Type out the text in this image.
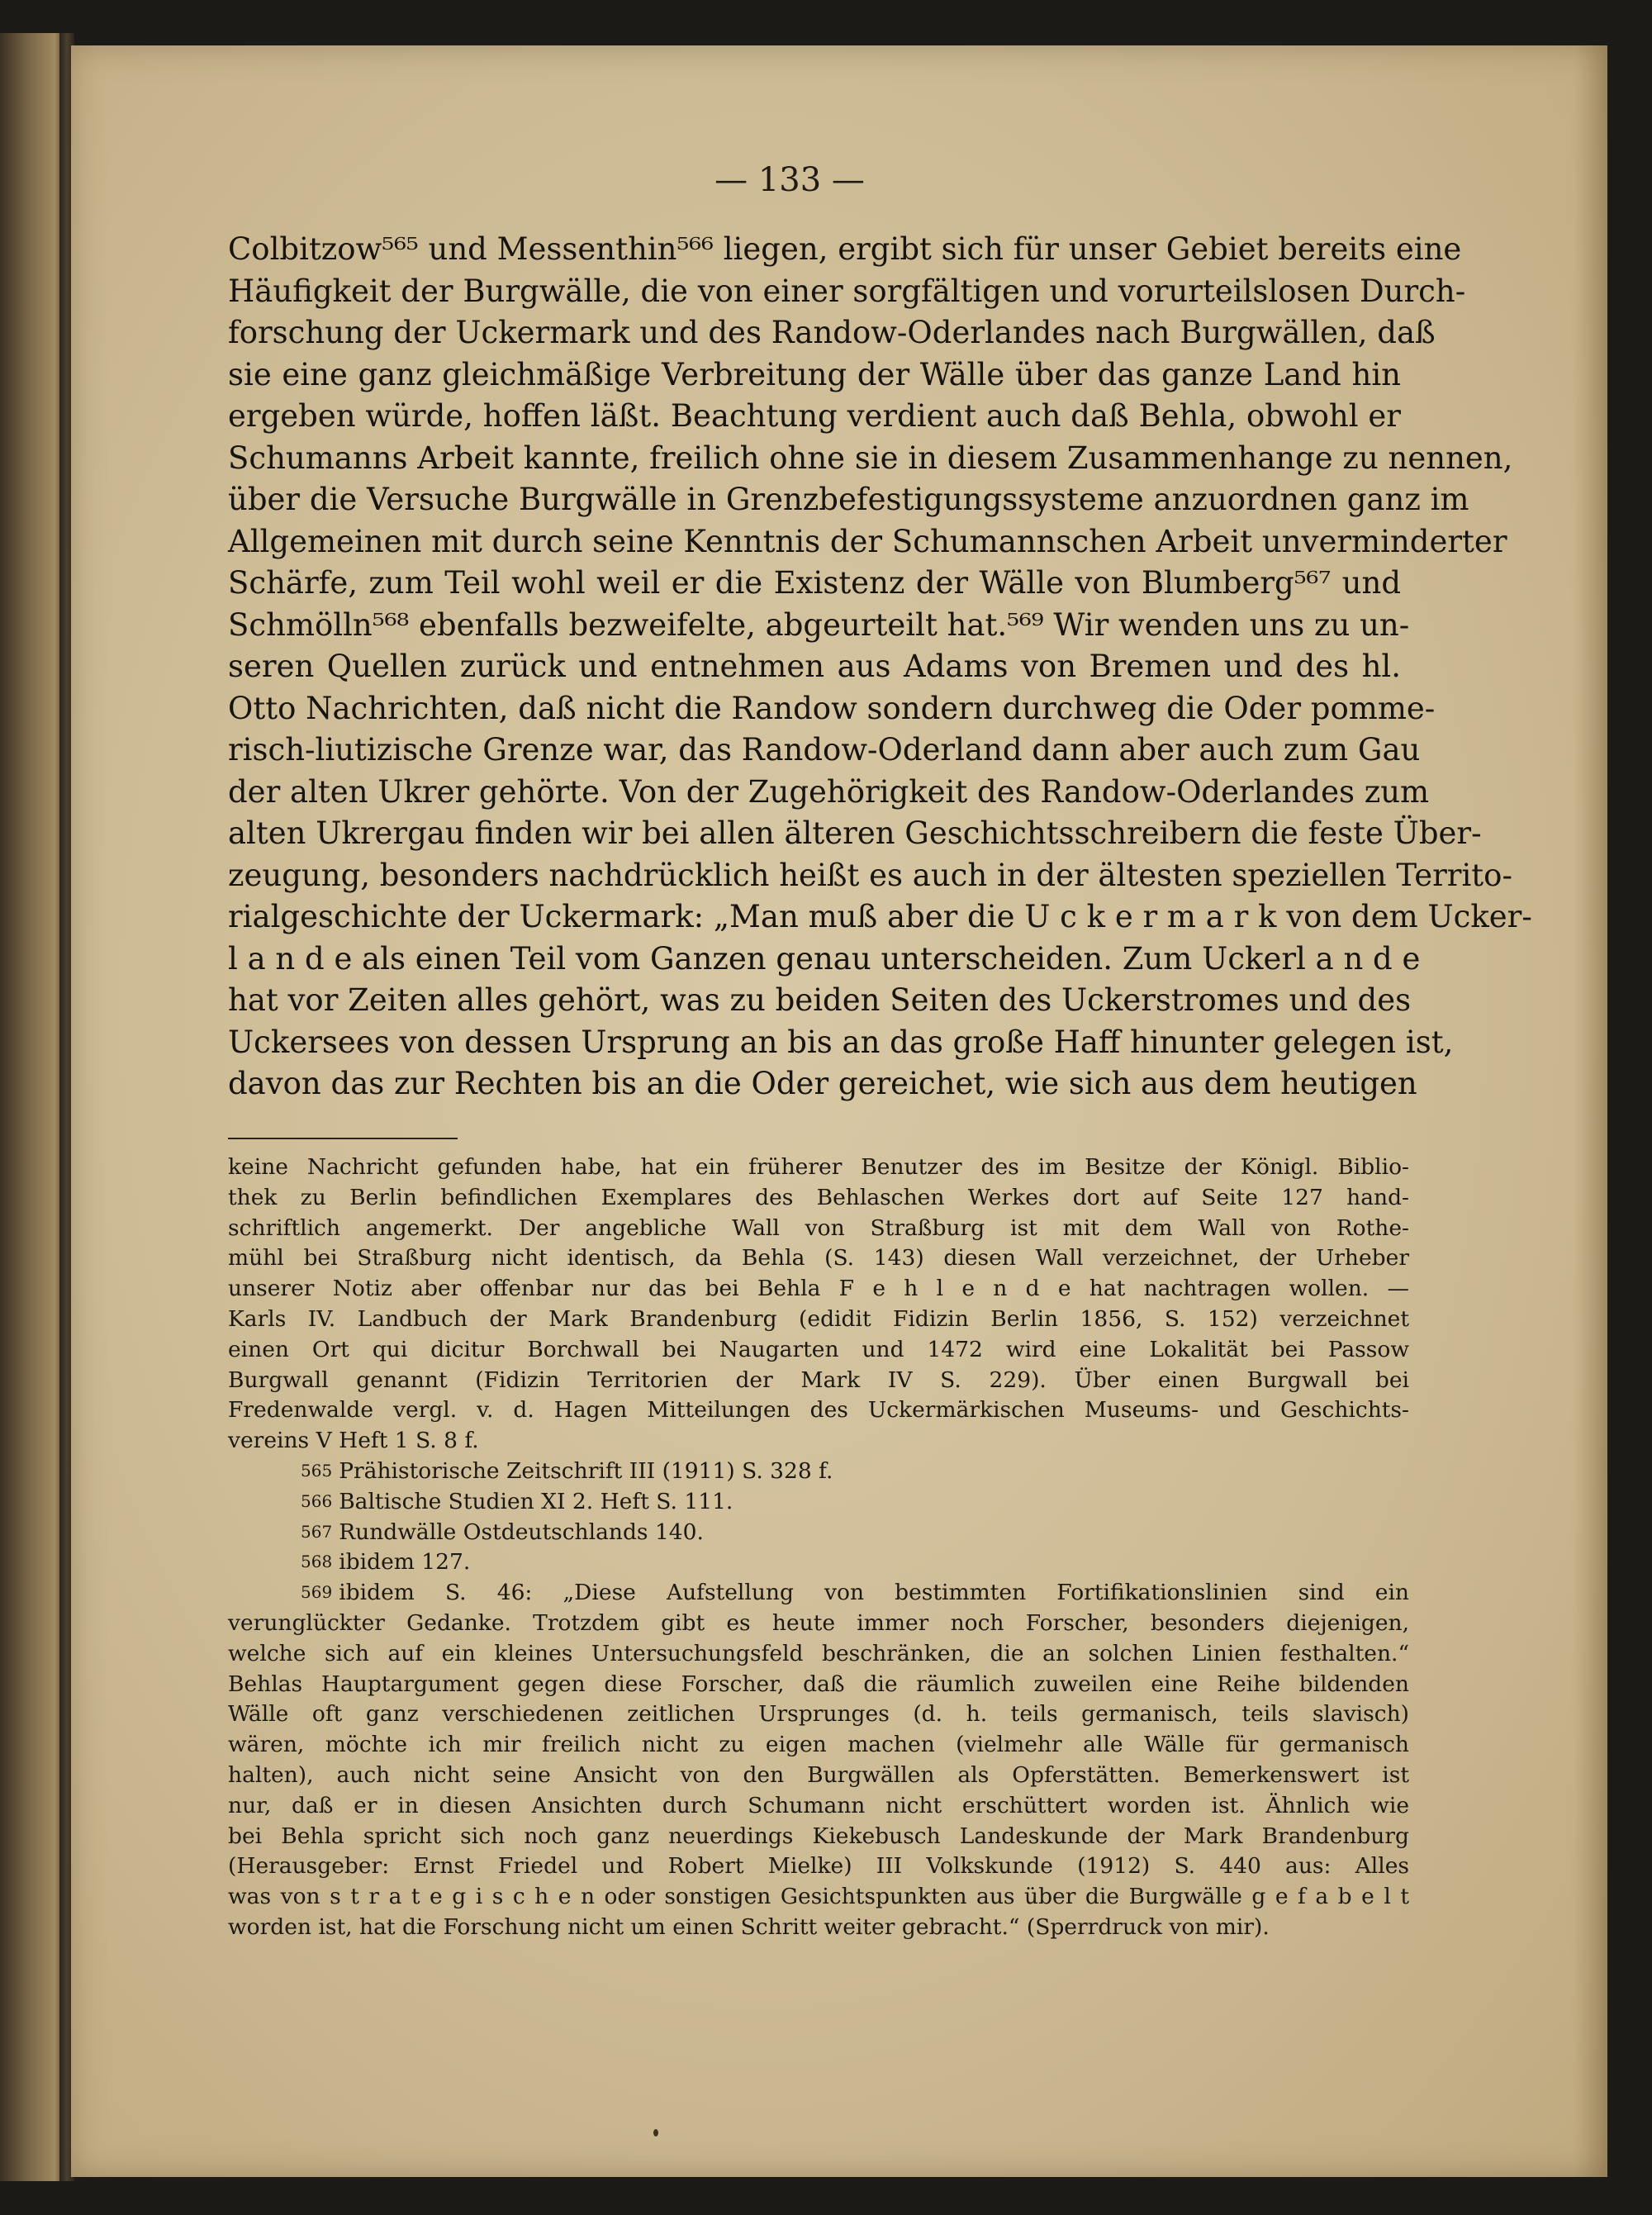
— 133 —
Colbitzow⁵⁶⁵ und Messenthin⁵⁶⁶ liegen, ergibt sich für unser Gebiet bereits eine
Häufigkeit der Burgwälle, die von einer sorgfältigen und vorurteilslosen Durch-
forschung der Uckermark und des Randow-Oderlandes nach Burgwällen, daß
sie eine ganz gleichmäßige Verbreitung der Wälle über das ganze Land hin
ergeben würde, hoffen läßt. Beachtung verdient auch daß Behla, obwohl er
Schumanns Arbeit kannte, freilich ohne sie in diesem Zusammenhange zu nennen,
über die Versuche Burgwälle in Grenzbefestigungssysteme anzuordnen ganz im
Allgemeinen mit durch seine Kenntnis der Schumannschen Arbeit unverminderter
Schärfe, zum Teil wohl weil er die Existenz der Wälle von Blumberg⁵⁶⁷ und
Schmölln⁵⁶⁸ ebenfalls bezweifelte, abgeurteilt hat.⁵⁶⁹ Wir wenden uns zu un-
seren Quellen zurück und entnehmen aus Adams von Bremen und des hl.
Otto Nachrichten, daß nicht die Randow sondern durchweg die Oder pomme-
risch-liutizische Grenze war, das Randow-Oderland dann aber auch zum Gau
der alten Ukrer gehörte. Von der Zugehörigkeit des Randow-Oderlandes zum
alten Ukrergau finden wir bei allen älteren Geschichtsschreibern die feste Über-
zeugung, besonders nachdrücklich heißt es auch in der ältesten speziellen Territo-
rialgeschichte der Uckermark: „Man muß aber die U c k e r m a r k von dem Ucker-
l a n d e als einen Teil vom Ganzen genau unterscheiden. Zum Uckerl a n d e
hat vor Zeiten alles gehört, was zu beiden Seiten des Uckerstromes und des
Uckersees von dessen Ursprung an bis an das große Haff hinunter gelegen ist,
davon das zur Rechten bis an die Oder gereichet, wie sich aus dem heutigen
keine Nachricht gefunden habe, hat ein früherer Benutzer des im Besitze der Königl. Biblio-
thek zu Berlin befindlichen Exemplares des Behlaschen Werkes dort auf Seite 127 hand-
schriftlich angemerkt. Der angebliche Wall von Straßburg ist mit dem Wall von Rothe-
mühl bei Straßburg nicht identisch, da Behla (S. 143) diesen Wall verzeichnet, der Urheber
unserer Notiz aber offenbar nur das bei Behla F e h l e n d e hat nachtragen wollen. —
Karls IV. Landbuch der Mark Brandenburg (edidit Fidizin Berlin 1856, S. 152) verzeichnet
einen Ort qui dicitur Borchwall bei Naugarten und 1472 wird eine Lokalität bei Passow
Burgwall genannt (Fidizin Territorien der Mark IV S. 229). Über einen Burgwall bei
Fredenwalde vergl. v. d. Hagen Mitteilungen des Uckermärkischen Museums- und Geschichts-
vereins V Heft 1 S. 8 f.
565 Prähistorische Zeitschrift III (1911) S. 328 f.
566 Baltische Studien XI 2. Heft S. 111.
567 Rundwälle Ostdeutschlands 140.
568 ibidem 127.
569 ibidem S. 46: „Diese Aufstellung von bestimmten Fortifikationslinien sind ein
verunglückter Gedanke. Trotzdem gibt es heute immer noch Forscher, besonders diejenigen,
welche sich auf ein kleines Untersuchungsfeld beschränken, die an solchen Linien festhalten.“
Behlas Hauptargument gegen diese Forscher, daß die räumlich zuweilen eine Reihe bildenden
Wälle oft ganz verschiedenen zeitlichen Ursprunges (d. h. teils germanisch, teils slavisch)
wären, möchte ich mir freilich nicht zu eigen machen (vielmehr alle Wälle für germanisch
halten), auch nicht seine Ansicht von den Burgwällen als Opferstätten. Bemerkenswert ist
nur, daß er in diesen Ansichten durch Schumann nicht erschüttert worden ist. Ähnlich wie
bei Behla spricht sich noch ganz neuerdings Kiekebusch Landeskunde der Mark Brandenburg
(Herausgeber: Ernst Friedel und Robert Mielke) III Volkskunde (1912) S. 440 aus: Alles
was von s t r a t e g i s c h e n oder sonstigen Gesichtspunkten aus über die Burgwälle g e f a b e l t
worden ist, hat die Forschung nicht um einen Schritt weiter gebracht.“ (Sperrdruck von mir).
